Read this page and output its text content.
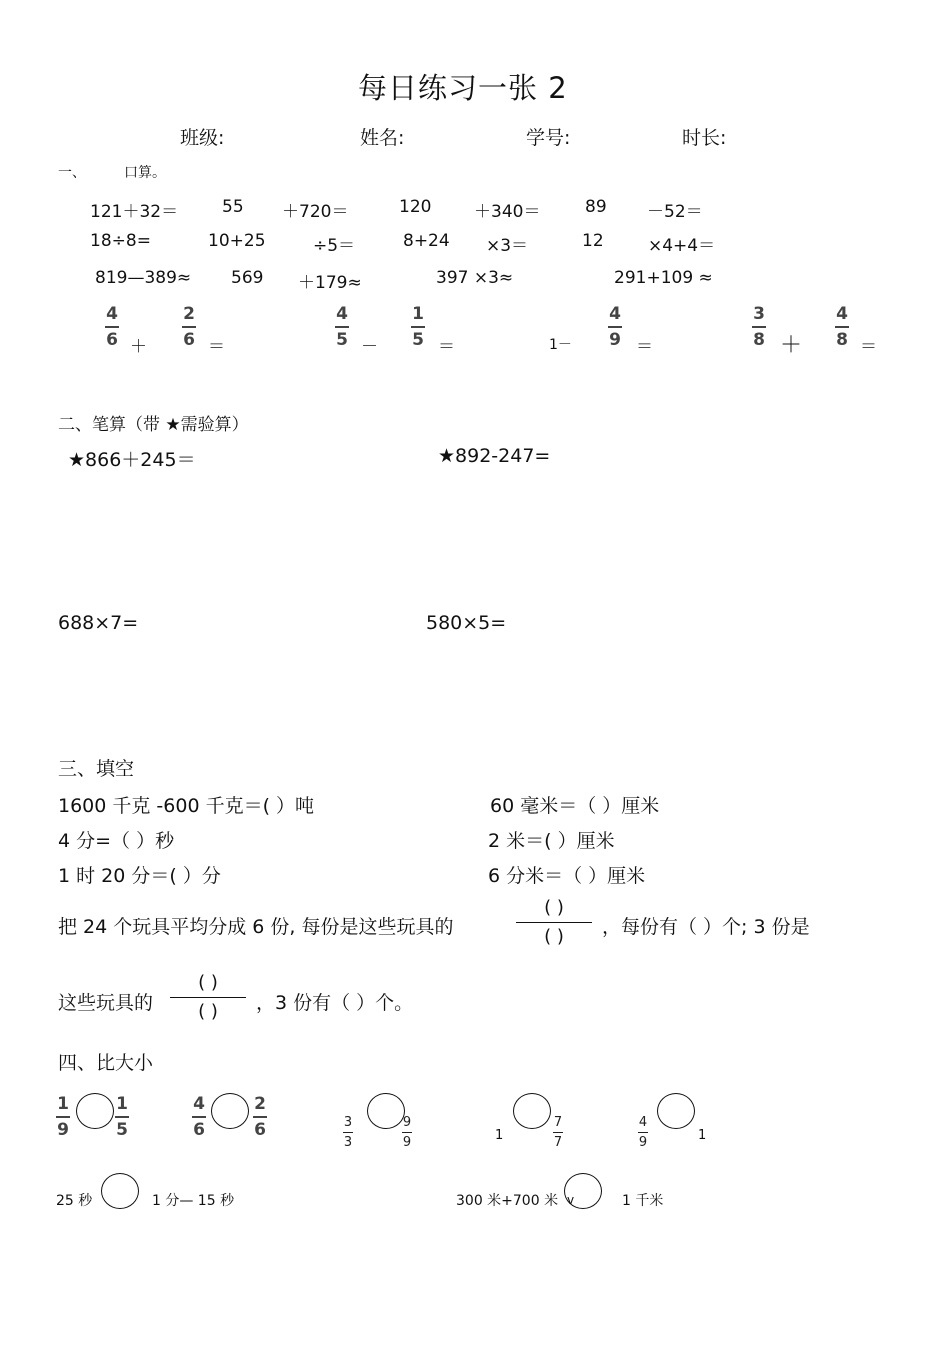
每日练习一张 2
班级:	姓名:	学号:	时长:
一、	口算。
121＋32＝	55 ＋720＝	120	＋340＝	89 －52＝
18÷8=	10+25	÷5＝	8+24 ×3＝	12	×4+4＝
819—389≈ 569 ＋179≈	397 ×3≈	291+109 ≈
4
6 ＋
2
6 ＝
4
5 －
1
5 ＝	1－
4
9 ＝
3
8 ＋
4
8 ＝
二、笔算（带 ★需验算）
★866＋245＝	★892-247=
688×7=	580×5=
三、填空
1600 千克 -600 千克＝( ）吨	60 毫米＝（ ）厘米
4 分=（ ）秒	2 米＝( ）厘米
1 时 20 分＝( ）分	6 分米＝（ ）厘米
把 24 个玩具平均分成 6 份, 每份是这些玩具的
( )
( ) ，每份有（ ）个; 3 份是
这些玩具的
( )
( ) ，3 份有（ ）个。
四、比大小
1
9
1
5
4
6
2
6	3
3
9
9	1
7
7
4
9	1
25 秒	1 分— 15 秒	300 米+700 米 v	1 千米
